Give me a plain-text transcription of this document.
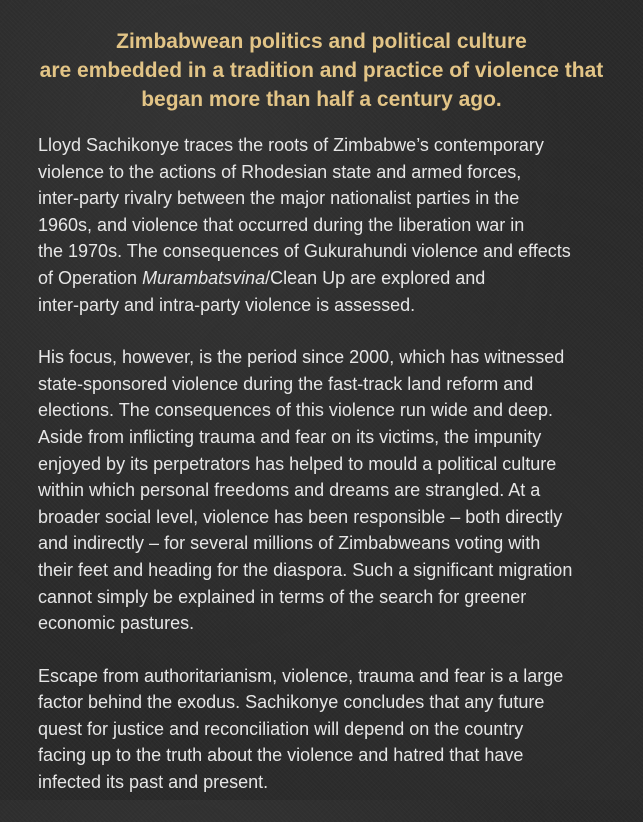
Zimbabwean politics and political culture
are embedded in a tradition and practice of violence that
began more than half a century ago.

Lloyd Sachikonye traces the roots of Zimbabwe’s contemporary
violence to the actions of Rhodesian state and armed forces,
inter-party rivalry between the major nationalist parties in the
1960s, and violence that occurred during the liberation war in
the 1970s. The consequences of Gukurahundi violence and effects
of Operation Murambatsvina/Clean Up are explored and
inter-party and intra-party violence is assessed.

His focus, however, is the period since 2000, which has witnessed
state-sponsored violence during the fast-track land reform and
elections. The consequences of this violence run wide and deep.
Aside from inflicting trauma and fear on its victims, the impunity
enjoyed by its perpetrators has helped to mould a political culture
within which personal freedoms and dreams are strangled. At a
broader social level, violence has been responsible – both directly
and indirectly – for several millions of Zimbabweans voting with
their feet and heading for the diaspora. Such a significant migration
cannot simply be explained in terms of the search for greener
economic pastures.

Escape from authoritarianism, violence, trauma and fear is a large
factor behind the exodus. Sachikonye concludes that any future
quest for justice and reconciliation will depend on the country
facing up to the truth about the violence and hatred that have
infected its past and present.
